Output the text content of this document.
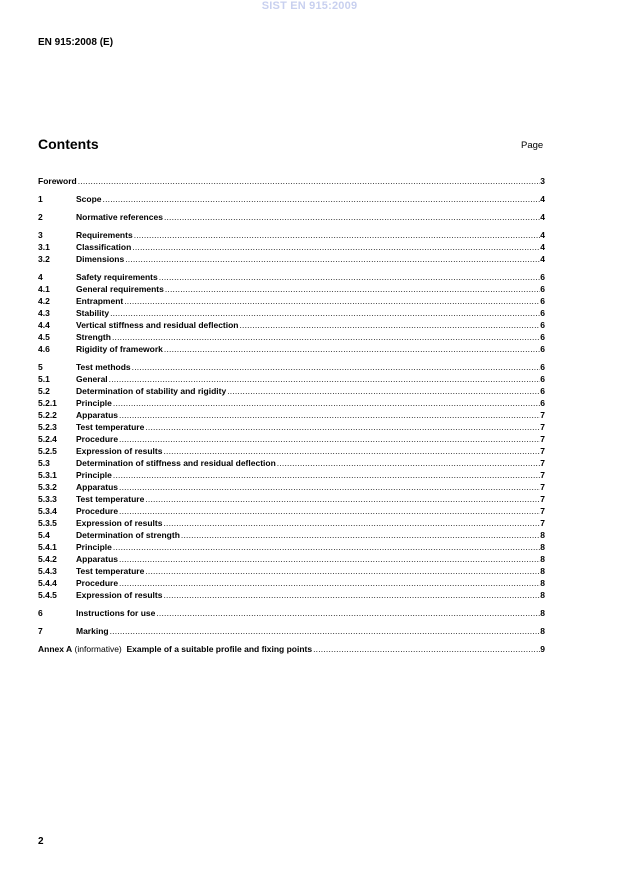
SIST EN 915:2009
EN 915:2008 (E)
Contents	Page
Foreword .....	3
1	Scope .....	4
2	Normative references .....	4
3	Requirements .....	4
3.1	Classification .....	4
3.2	Dimensions .....	4
4	Safety requirements .....	6
4.1	General requirements .....	6
4.2	Entrapment .....	6
4.3	Stability .....	6
4.4	Vertical stiffness and residual deflection .....	6
4.5	Strength .....	6
4.6	Rigidity of framework .....	6
5	Test methods .....	6
5.1	General .....	6
5.2	Determination of stability and rigidity .....	6
5.2.1	Principle .....	6
5.2.2	Apparatus .....	7
5.2.3	Test temperature .....	7
5.2.4	Procedure .....	7
5.2.5	Expression of results .....	7
5.3	Determination of stiffness and residual deflection .....	7
5.3.1	Principle .....	7
5.3.2	Apparatus .....	7
5.3.3	Test temperature .....	7
5.3.4	Procedure .....	7
5.3.5	Expression of results .....	7
5.4	Determination of strength .....	8
5.4.1	Principle .....	8
5.4.2	Apparatus .....	8
5.4.3	Test temperature .....	8
5.4.4	Procedure .....	8
5.4.5	Expression of results .....	8
6	Instructions for use .....	8
7	Marking .....	8
Annex A (informative)  Example of a suitable profile and fixing points .....	9
2
